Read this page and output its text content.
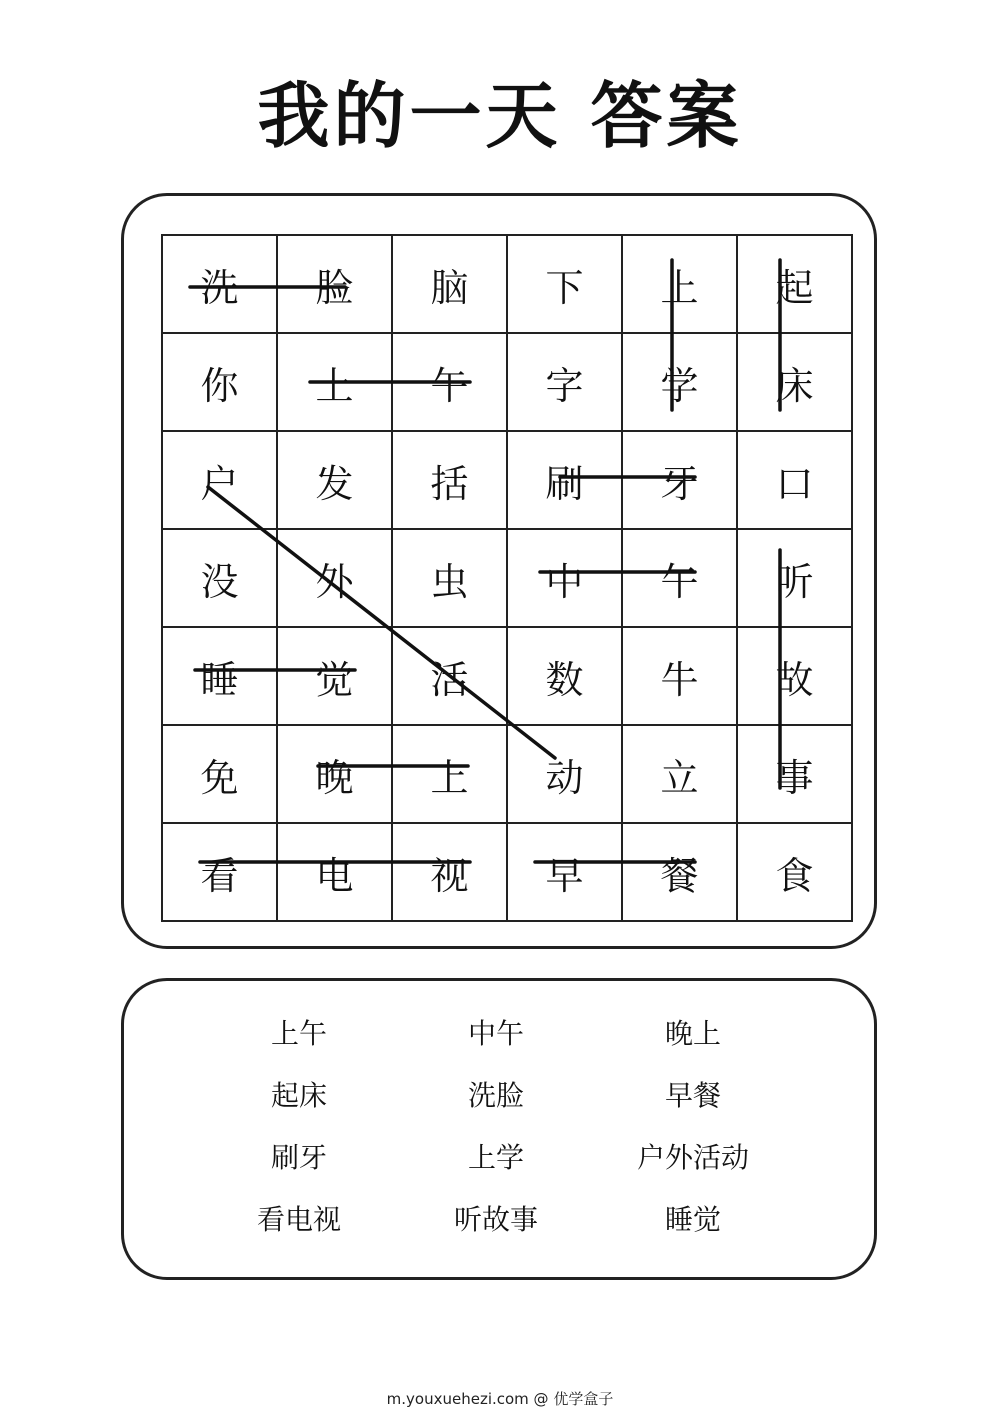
我的一天 答案
洗	脸	脑	下	上	起
你	上	午	字	学	床
户	发	括	刷	牙	口
没	外	虫	中	午	听
睡	觉	活	数	牛	故
免	晚	上	动	立	事
看	电	视	早	餐	食
上午	中午	晚上
起床	洗脸	早餐
刷牙	上学	户外活动
看电视	听故事	睡觉
m.youxuehezi.com @ 优学盒子
